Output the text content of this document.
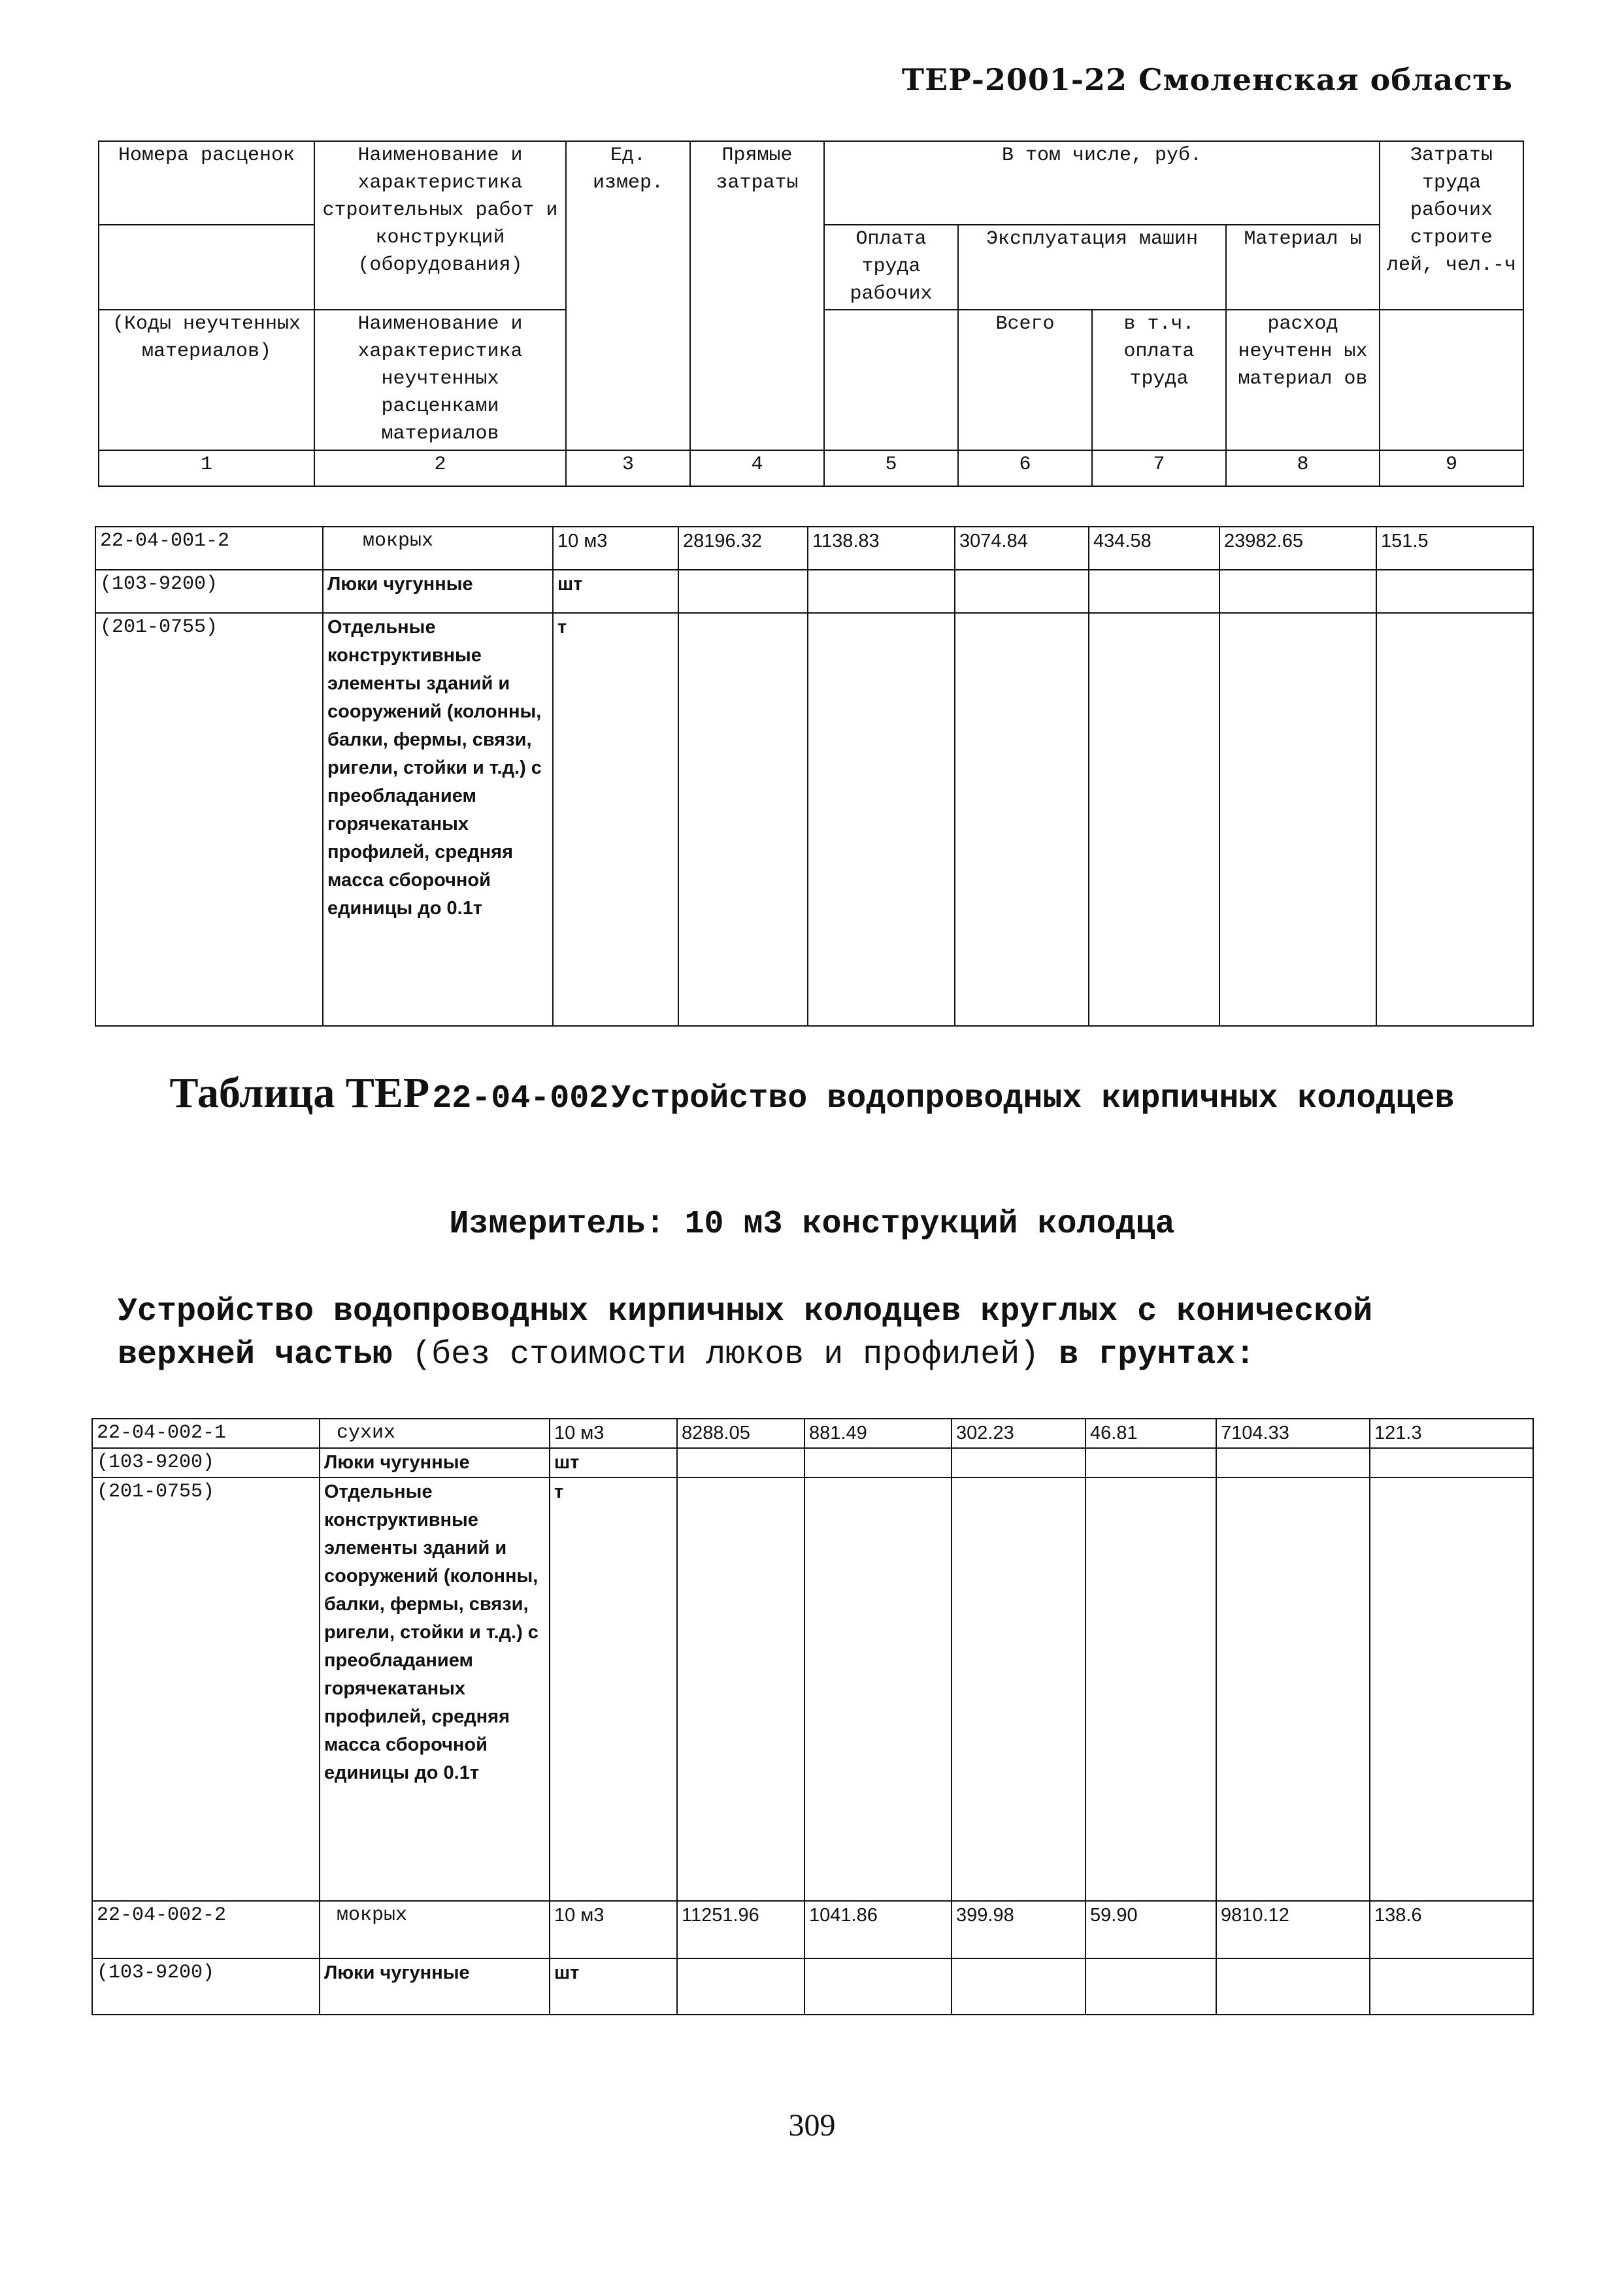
ТЕР-2001-22 Смоленская область
Номера расценок	Наименование и характеристика строительных работ и конструкций (оборудования)	Ед. измер.	Прямые затраты	В том числе, руб.				Затраты труда рабочих строите лей, чел.-ч
				Оплата труда рабочих	Эксплуатация машин		Материал ы	

(Коды неучтенных материалов)	Наименование и характеристика неучтенных расценками материалов				Всего	в т.ч. оплата труда	расход неучтенн ых материал ов	
1	2	3	4	5	6	7	8	9
22-04-001-2	мокрых	10 м3	28196.32	1138.83	3074.84	434.58	23982.65	151.5
(103-9200)	Люки чугунные	шт						
(201-0755)	Отдельные конструктивные элементы зданий и сооружений (колонны, балки, фермы, связи, ригели, стойки и т.д.) с преобладанием горячекатаных профилей, средняя масса сборочной единицы до 0.1т	т						
Таблица ТЕР 22-04-002 Устройство водопроводных кирпичных колодцев
Измеритель: 10 м3 конструкций колодца
Устройство водопроводных кирпичных колодцев круглых с конической верхней частью (без стоимости люков и профилей) в грунтах:
22-04-002-1	сухих	10 м3	8288.05	881.49	302.23	46.81	7104.33	121.3
(103-9200)	Люки чугунные	шт						
(201-0755)	Отдельные конструктивные элементы зданий и сооружений (колонны, балки, фермы, связи, ригели, стойки и т.д.) с преобладанием горячекатаных профилей, средняя масса сборочной единицы до 0.1т	т						
22-04-002-2	мокрых	10 м3	11251.96	1041.86	399.98	59.90	9810.12	138.6
(103-9200)	Люки чугунные	шт						
309
